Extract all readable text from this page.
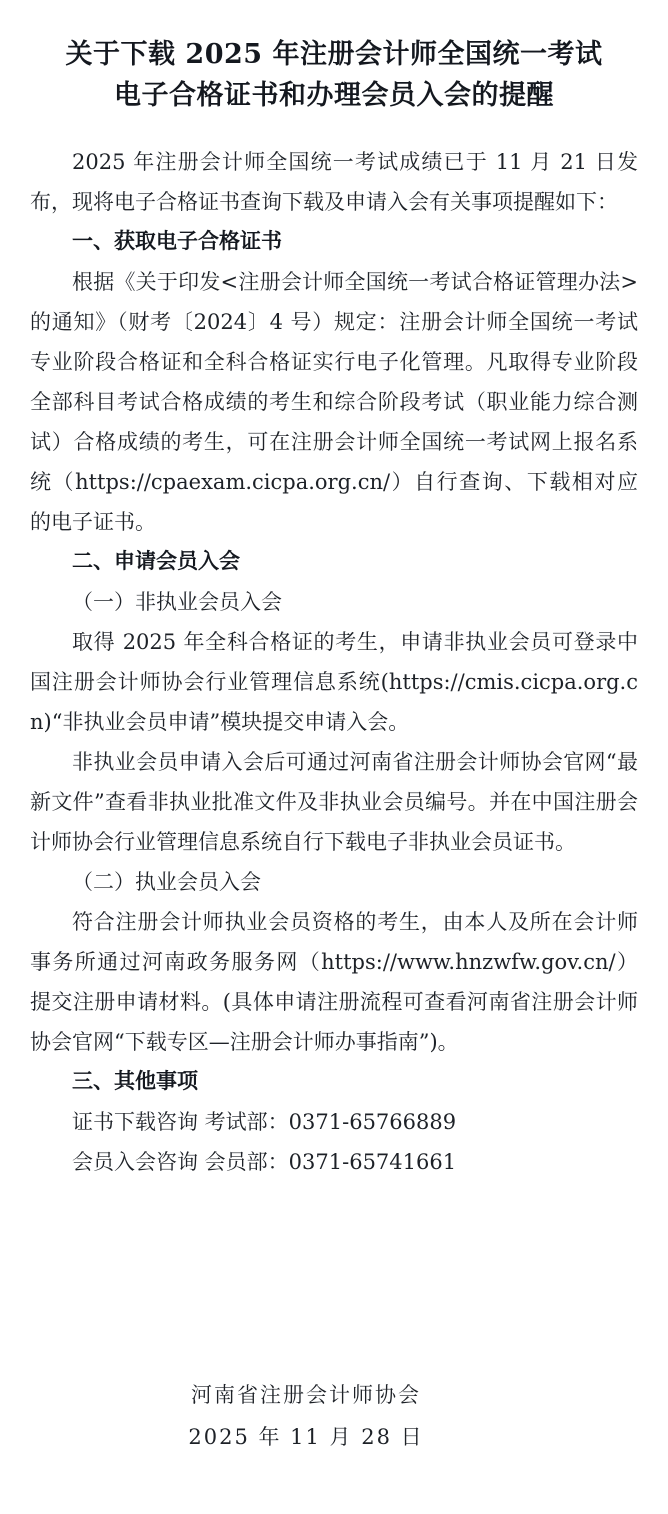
关于下载 2025 年注册会计师全国统一考试
电子合格证书和办理会员入会的提醒

2025 年注册会计师全国统一考试成绩已于 11 月 21 日发布，现将电子合格证书查询下载及申请入会有关事项提醒如下：

一、获取电子合格证书

根据《关于印发<注册会计师全国统一考试合格证管理办法>的通知》（财考〔2024〕4 号）规定：注册会计师全国统一考试专业阶段合格证和全科合格证实行电子化管理。凡取得专业阶段全部科目考试合格成绩的考生和综合阶段考试（职业能力综合测试）合格成绩的考生，可在注册会计师全国统一考试网上报名系统（https://cpaexam.cicpa.org.cn/）自行查询、下载相对应的电子证书。

二、申请会员入会

（一）非执业会员入会

取得 2025 年全科合格证的考生，申请非执业会员可登录中国注册会计师协会行业管理信息系统(https://cmis.cicpa.org.cn)“非执业会员申请”模块提交申请入会。

非执业会员申请入会后可通过河南省注册会计师协会官网“最新文件”查看非执业批准文件及非执业会员编号。并在中国注册会计师协会行业管理信息系统自行下载电子非执业会员证书。

（二）执业会员入会

符合注册会计师执业会员资格的考生，由本人及所在会计师事务所通过河南政务服务网（https://www.hnzwfw.gov.cn/）提交注册申请材料。(具体申请注册流程可查看河南省注册会计师协会官网“下载专区—注册会计师办事指南”)。

三、其他事项

证书下载咨询 考试部：0371-65766889

会员入会咨询 会员部：0371-65741661

河南省注册会计师协会

2025 年 11 月 28 日
